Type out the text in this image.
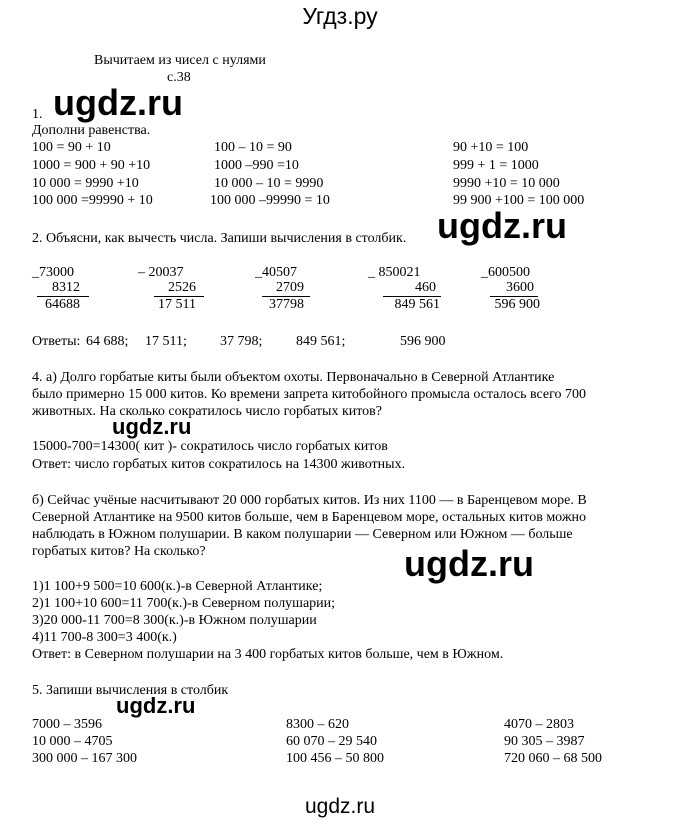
Угдз.ру
Вычитаем из чисел с нулями
с.38
ugdz.ru
ugdz.ru
ugdz.ru
ugdz.ru
ugdz.ru
1.
Дополни равенства.
100 = 90 + 10	100 – 10 = 90	90 +10 = 100
1000 = 900 + 90 +10	1000 –990 =10	999 + 1 = 1000
10 000 = 9990 +10	10 000 – 10 = 9990	9990 +10 = 10 000
100 000 =99990 + 10	100 000 –99990 = 10	99 900 +100 = 100 000
2. Объясни, как вычесть числа. Запиши вычисления в столбик.
_73000
8312
64688
– 20037
2526
17 511
_40507
2709
37798
_ 850021
460
849 561
_600500
3600
596 900
Ответы: 64 688; 17 511; 37 798; 849 561;	596 900
4. а) Долго горбатые киты были объектом охоты. Первоначально в Северной Атлантике
было примерно 15 000 китов. Ко времени запрета китобойного промысла осталось всего 700
животных. На сколько сократилось число горбатых китов?
15000-700=14300( кит )- сократилось число горбатых китов
Ответ: число горбатых китов сократилось на 14300 животных.
б) Сейчас учёные насчитывают 20 000 горбатых китов. Из них 1100 — в Баренцевом море. В
Северной Атлантике на 9500 китов больше, чем в Баренцевом море, остальных китов можно
наблюдать в Южном полушарии. В каком полушарии — Северном или Южном — больше
горбатых китов? На сколько?
1)1 100+9 500=10 600(к.)-в Северной Атлантике;
2)1 100+10 600=11 700(к.)-в Северном полушарии;
3)20 000-11 700=8 300(к.)-в Южном полушарии
4)11 700-8 300=3 400(к.)
Ответ: в Северном полушарии на 3 400 горбатых китов больше, чем в Южном.
5. Запиши вычисления в столбик
7000 – 3596	8300 – 620	4070 – 2803
10 000 – 4705	60 070 – 29 540	90 305 – 3987
300 000 – 167 300	100 456 – 50 800	720 060 – 68 500
ugdz.ru
